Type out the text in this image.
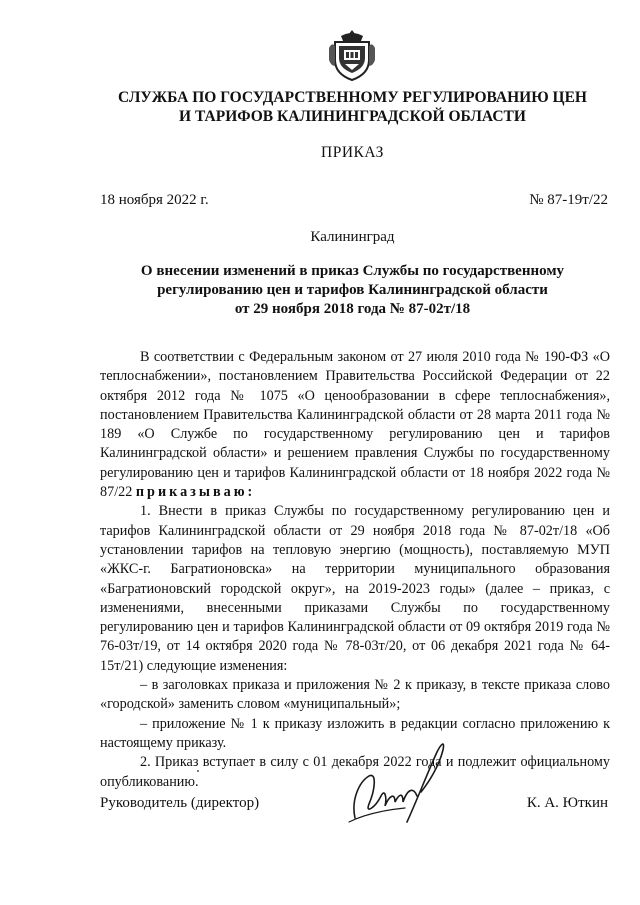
СЛУЖБА ПО ГОСУДАРСТВЕННОМУ РЕГУЛИРОВАНИЮ ЦЕН
И ТАРИФОВ КАЛИНИНГРАДСКОЙ ОБЛАСТИ
ПРИКАЗ
18 ноября 2022 г.	№ 87-19т/22
Калининград
О внесении изменений в приказ Службы по государственному
регулированию цен и тарифов Калининградской области
от 29 ноября 2018 года № 87-02т/18

В соответствии с Федеральным законом от 27 июля 2010 года № 190-ФЗ «О теплоснабжении», постановлением Правительства Российской Федерации от 22 октября 2012 года № 1075 «О ценообразовании в сфере теплоснабжения», постановлением Правительства Калининградской области от 28 марта 2011 года № 189 «О Службе по государственному регулированию цен и тарифов Калининградской области» и решением правления Службы по государственному регулированию цен и тарифов Калининградской области от 18 ноября 2022 года № 87/22 приказываю:

1. Внести в приказ Службы по государственному регулированию цен и тарифов Калининградской области от 29 ноября 2018 года № 87-02т/18 «Об установлении тарифов на тепловую энергию (мощность), поставляемую МУП «ЖКС-г. Багратионовска» на территории муниципального образования «Багратионовский городской округ», на 2019-2023 годы» (далее – приказ, с изменениями, внесенными приказами Службы по государственному регулированию цен и тарифов Калининградской области от 09 октября 2019 года № 76-03т/19, от 14 октября 2020 года № 78-03т/20, от 06 декабря 2021 года № 64-15т/21) следующие изменения:

– в заголовках приказа и приложения № 2 к приказу, в тексте приказа слово «городской» заменить словом «муниципальный»;

– приложение № 1 к приказу изложить в редакции согласно приложению к настоящему приказу.

2. Приказ вступает в силу с 01 декабря 2022 года и подлежит официальному опубликованию.

Руководитель (директор)	К. А. Юткин
